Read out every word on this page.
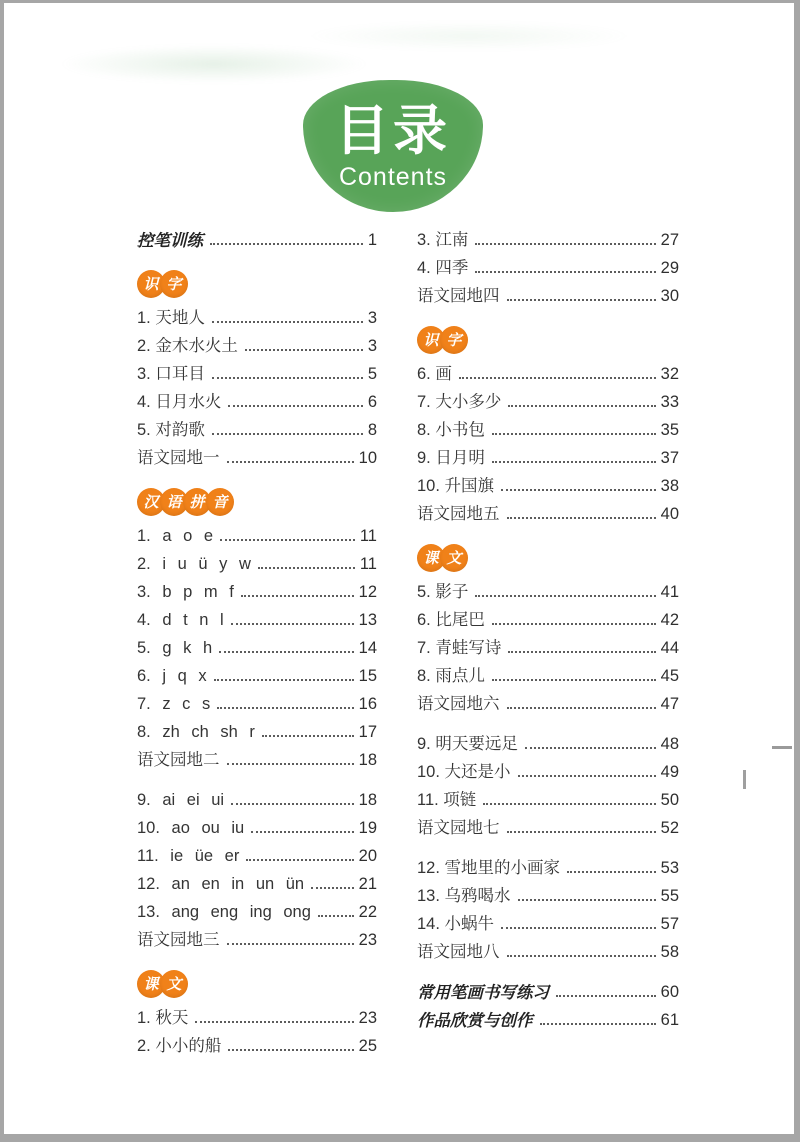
目录
Contents
控笔训练	1
识 字
1. 天地人	3
2. 金木水火土	3
3. 口耳目	5
4. 日月水火	6
5. 对韵歌	8
语文园地一	10
汉 语 拼 音
1. a o e	11
2. i u ü y w	11
3. b p m f	12
4. d t n l	13
5. g k h	14
6. j q x	15
7. z c s	16
8. zh ch sh r	17
语文园地二	18
9. ai ei ui	18
10. ao ou iu	19
11. ie üe er	20
12. an en in un ün	21
13. ang eng ing ong	22
语文园地三	23
课 文
1. 秋天	23
2. 小小的船	25
3. 江南	27
4. 四季	29
语文园地四	30
识 字
6. 画	32
7. 大小多少	33
8. 小书包	35
9. 日月明	37
10. 升国旗	38
语文园地五	40
课 文
5. 影子	41
6. 比尾巴	42
7. 青蛙写诗	44
8. 雨点儿	45
语文园地六	47
9. 明天要远足	48
10. 大还是小	49
11. 项链	50
语文园地七	52
12. 雪地里的小画家	53
13. 乌鸦喝水	55
14. 小蜗牛	57
语文园地八	58
常用笔画书写练习	60
作品欣赏与创作	61
